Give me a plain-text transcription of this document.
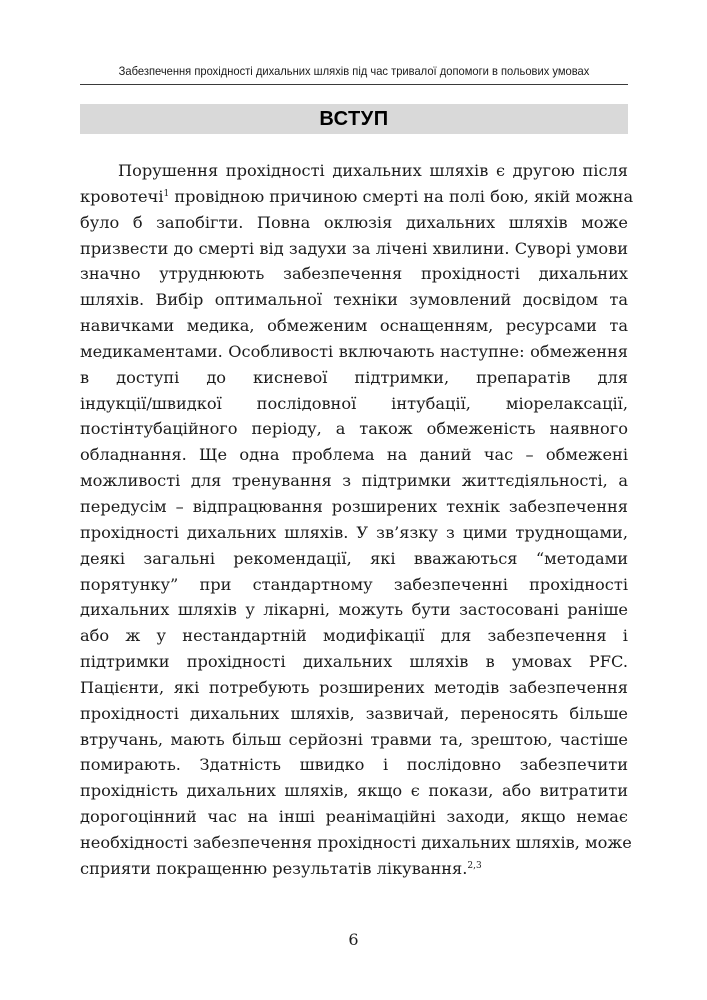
Забезпечення прохідності дихальних шляхів під час тривалої допомоги в польових умовах
ВСТУП
Порушення прохідності дихальних шляхів є другою після
кровотечі$^1$ провідною причиною смерті на полі бою, якій можна
було б запобігти. Повна оклюзія дихальних шляхів може
призвести до смерті від задухи за лічені хвилини. Суворі умови
значно утруднюють забезпечення прохідності дихальних
шляхів. Вибір оптимальної техніки зумовлений досвідом та
навичками медика, обмеженим оснащенням, ресурсами та
медикаментами. Особливості включають наступне: обмеження
в доступі до кисневої підтримки, препаратів для
індукції/швидкої послідовної інтубації, міорелаксації,
постінтубаційного періоду, а також обмеженість наявного
обладнання. Ще одна проблема на даний час – обмежені
можливості для тренування з підтримки життєдіяльності, а
передусім – відпрацювання розширених технік забезпечення
прохідності дихальних шляхів. У зв’язку з цими труднощами,
деякі загальні рекомендації, які вважаються “методами
порятунку” при стандартному забезпеченні прохідності
дихальних шляхів у лікарні, можуть бути застосовані раніше
або ж у нестандартній модифікації для забезпечення і
підтримки прохідності дихальних шляхів в умовах PFC.
Пацієнти, які потребують розширених методів забезпечення
прохідності дихальних шляхів, зазвичай, переносять більше
втручань, мають більш серйозні травми та, зрештою, частіше
помирають. Здатність швидко і послідовно забезпечити
прохідність дихальних шляхів, якщо є покази, або витратити
дорогоцінний час на інші реанімаційні заходи, якщо немає
необхідності забезпечення прохідності дихальних шляхів, може
сприяти покращенню результатів лікування.$^{2,3}$
6
